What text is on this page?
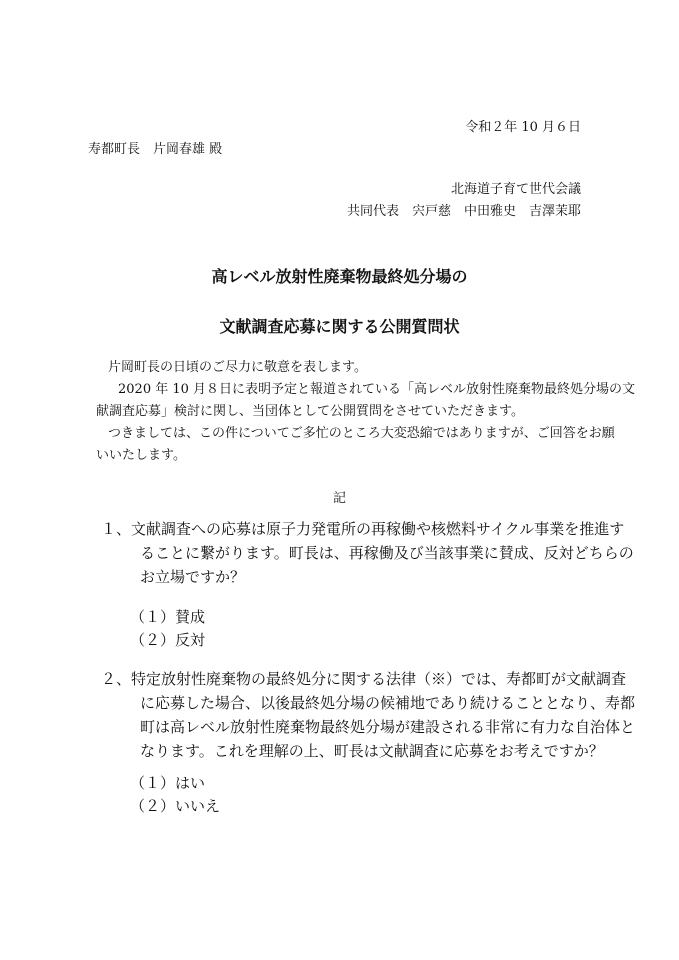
令和２年 10 月６日
寿都町長　片岡春雄 殿
北海道子育て世代会議
共同代表　宍戸慈　中田雅史　吉澤茉耶
高レベル放射性廃棄物最終処分場の
文献調査応募に関する公開質問状
片岡町長の日頃のご尽力に敬意を表します。
2020 年 10 月８日に表明予定と報道されている「高レベル放射性廃棄物最終処分場の文
献調査応募」検討に関し、当団体として公開質問をさせていただきます。
つきましては、この件についてご多忙のところ大変恐縮ではありますが、ご回答をお願
いいたします。
記
１、文献調査への応募は原子力発電所の再稼働や核燃料サイクル事業を推進す
ることに繋がります。町長は、再稼働及び当該事業に賛成、反対どちらの
お立場ですか？
（１）賛成
（２）反対
２、特定放射性廃棄物の最終処分に関する法律（※）では、寿都町が文献調査
に応募した場合、以後最終処分場の候補地であり続けることとなり、寿都
町は高レベル放射性廃棄物最終処分場が建設される非常に有力な自治体と
なります。これを理解の上、町長は文献調査に応募をお考えですか？
（１）はい
（２）いいえ
